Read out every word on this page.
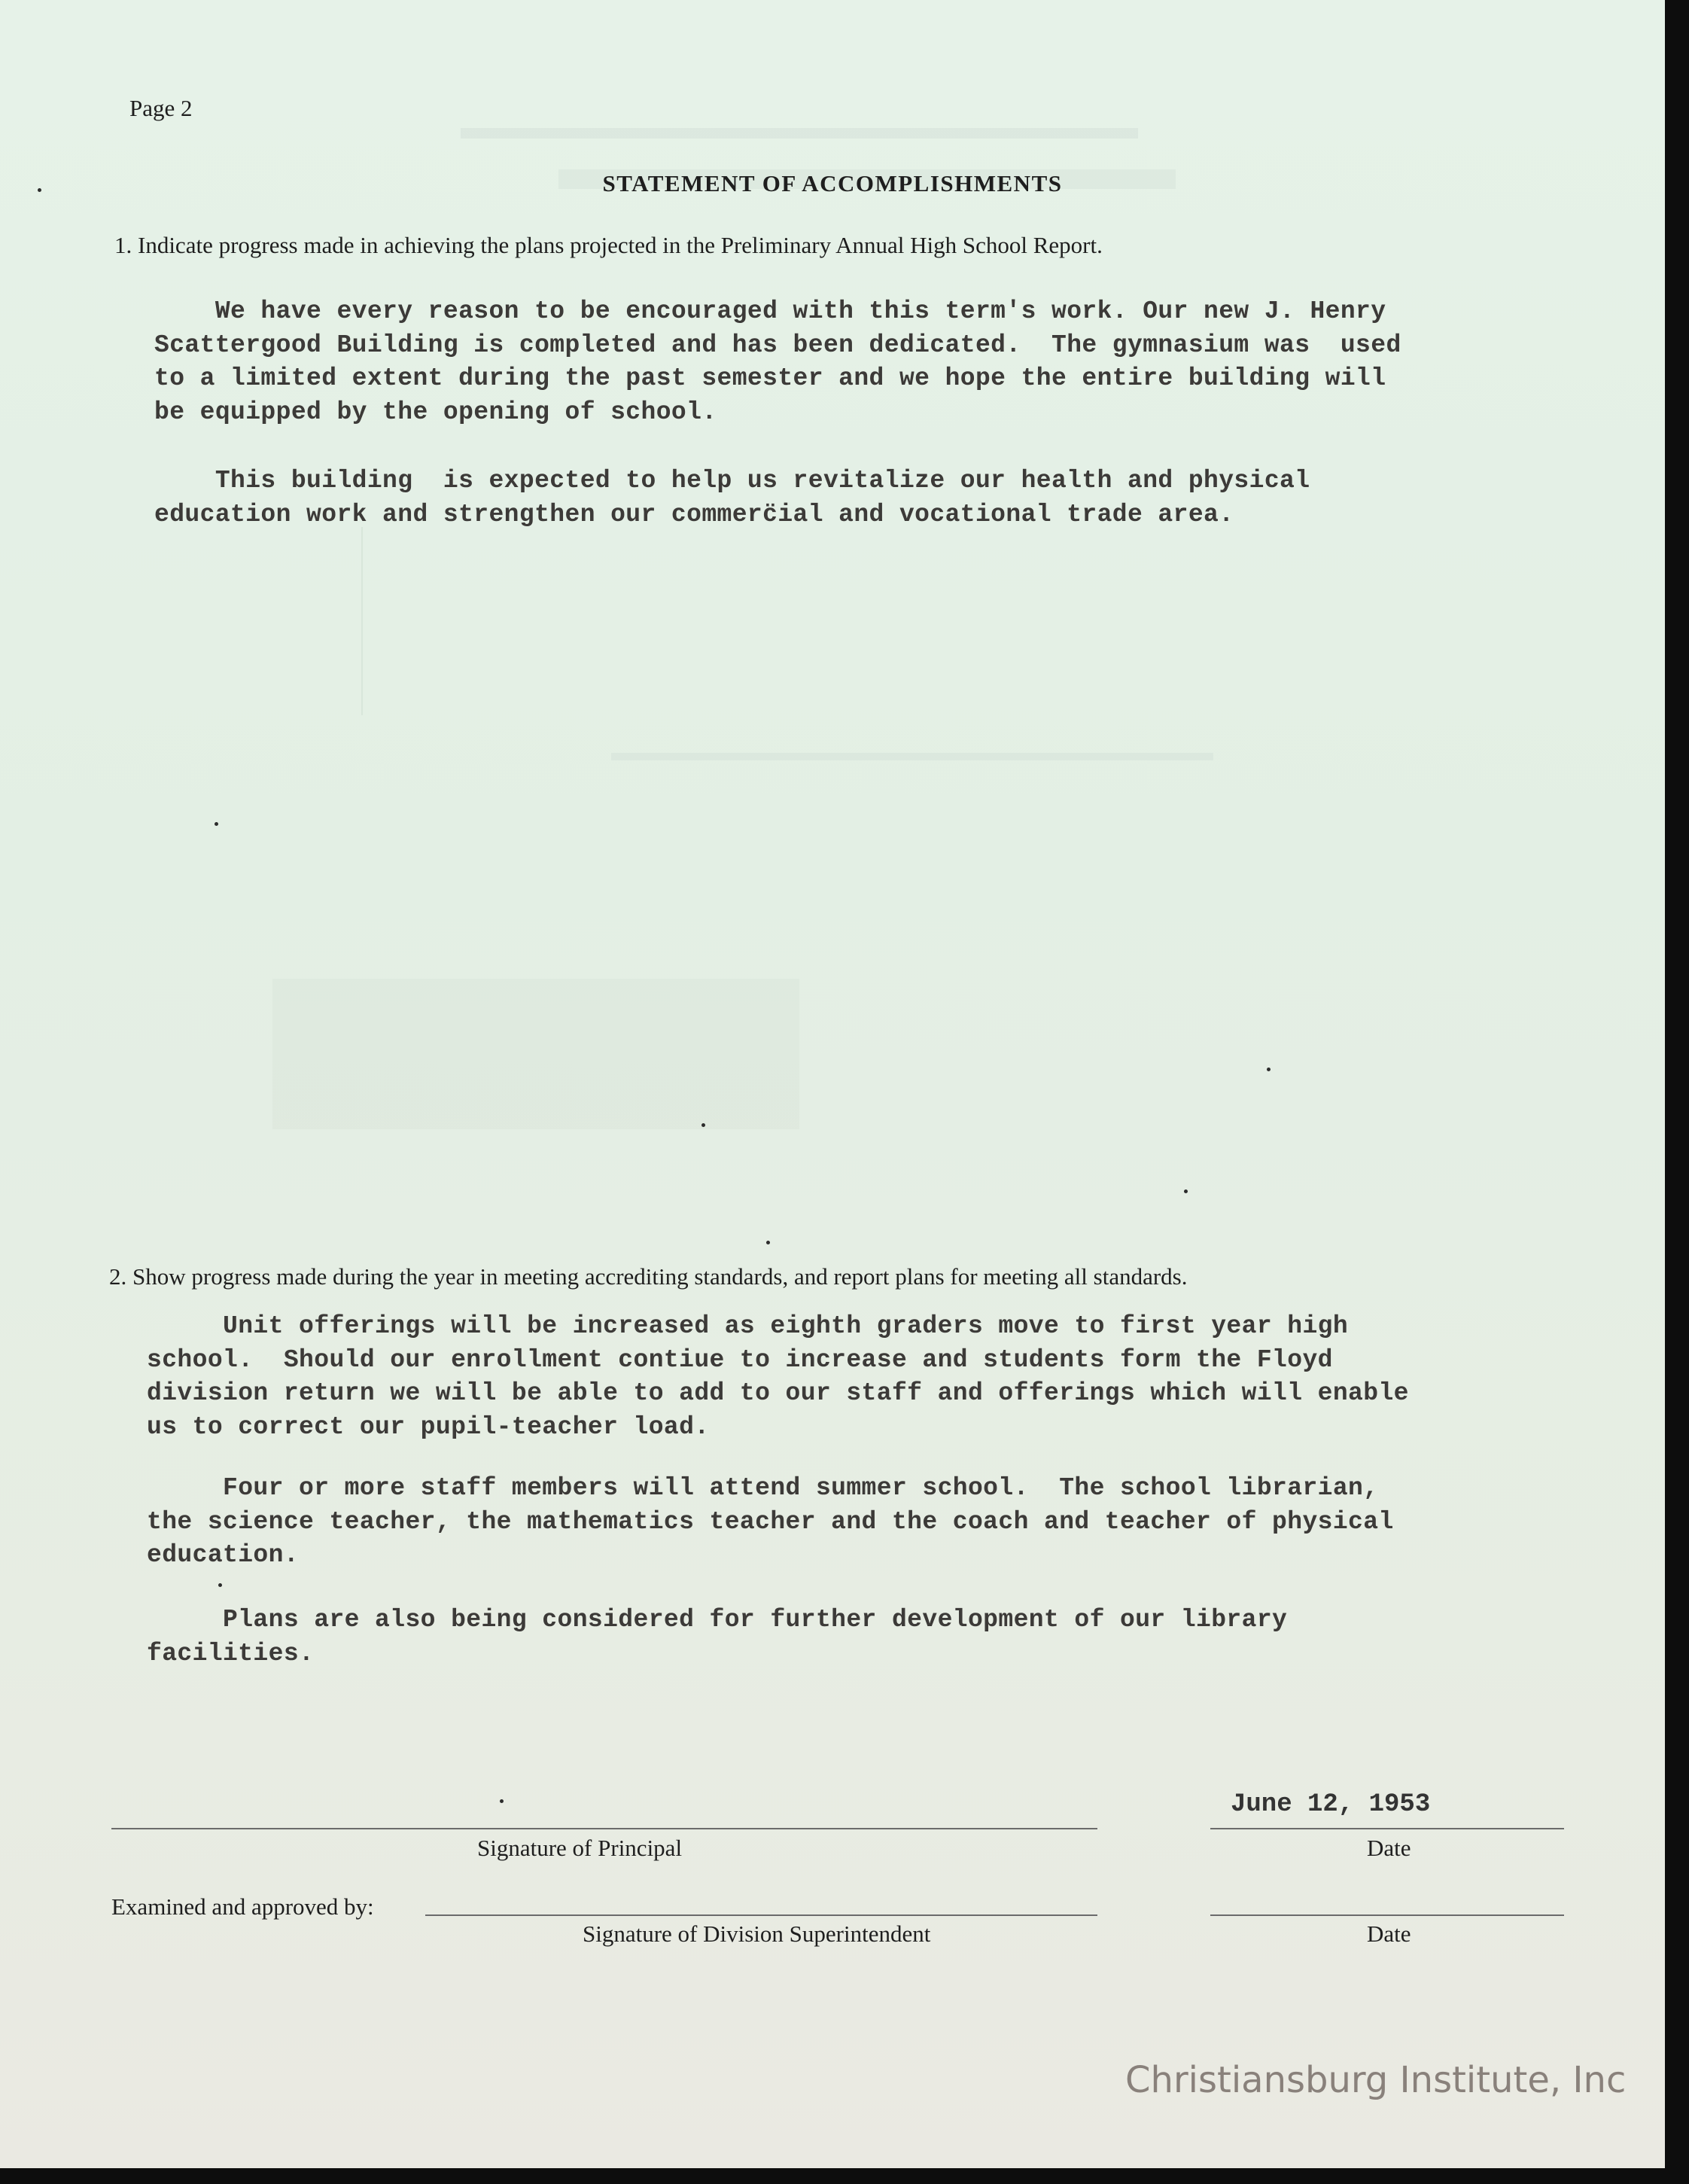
Page 2
STATEMENT OF ACCOMPLISHMENTS
1. Indicate progress made in achieving the plans projected in the Preliminary Annual High School Report.
We have every reason to be encouraged with this term's work. Our new J. Henry
Scattergood Building is completed and has been dedicated.  The gymnasium was  used
to a limited extent during the past semester and we hope the entire building will
be equipped by the opening of school.
This building  is expected to help us revitalize our health and physical
education work and strengthen our commerc̈ial and vocational trade area.
2. Show progress made during the year in meeting accrediting standards, and report plans for meeting all standards.
Unit offerings will be increased as eighth graders move to first year high
school.  Should our enrollment contiue to increase and students form the Floyd
division return we will be able to add to our staff and offerings which will enable
us to correct our pupil-teacher load.
Four or more staff members will attend summer school.  The school librarian,
the science teacher, the mathematics teacher and the coach and teacher of physical
education.
Plans are also being considered for further development of our library
facilities.
Signature of Principal
June 12, 1953
Date
Examined and approved by:
Signature of Division Superintendent	Date
Christiansburg Institute, Inc
